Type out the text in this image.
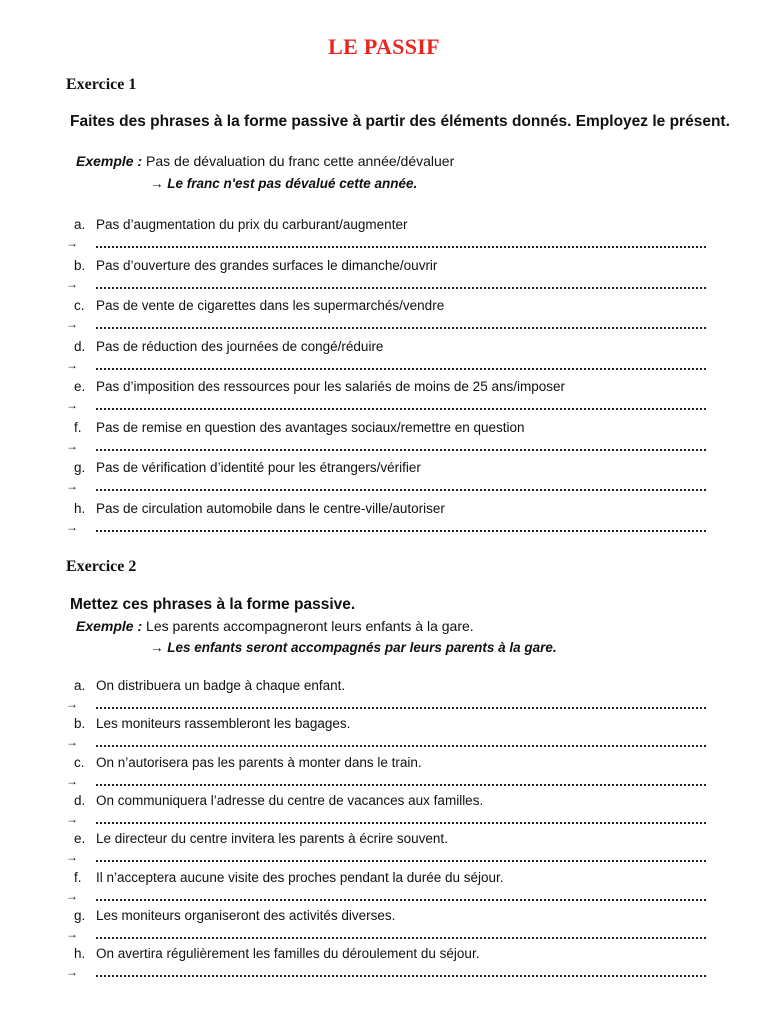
LE PASSIF
Exercice 1
Faites des phrases à la forme passive à partir des éléments donnés. Employez le présent.
Exemple : Pas de dévaluation du franc cette année/dévaluer
→ Le franc n'est pas dévalué cette année.
a. Pas d’augmentation du prix du carburant/augmenter
→
b. Pas d’ouverture des grandes surfaces le dimanche/ouvrir
→
c. Pas de vente de cigarettes dans les supermarchés/vendre
→
d. Pas de réduction des journées de congé/réduire
→
e. Pas d’imposition des ressources pour les salariés de moins de 25 ans/imposer
→
f. Pas de remise en question des avantages sociaux/remettre en question
→
g. Pas de vérification d’identité pour les étrangers/vérifier
→
h. Pas de circulation automobile dans le centre-ville/autoriser
→
Exercice 2
Mettez ces phrases à la forme passive.
Exemple : Les parents accompagneront leurs enfants à la gare.
→ Les enfants seront accompagnés par leurs parents à la gare.
a. On distribuera un badge à chaque enfant.
→
b. Les moniteurs rassembleront les bagages.
→
c. On n’autorisera pas les parents à monter dans le train.
→
d. On communiquera l’adresse du centre de vacances aux familles.
→
e. Le directeur du centre invitera les parents à écrire souvent.
→
f. Il n’acceptera aucune visite des proches pendant la durée du séjour.
→
g. Les moniteurs organiseront des activités diverses.
→
h. On avertira régulièrement les familles du déroulement du séjour.
→
